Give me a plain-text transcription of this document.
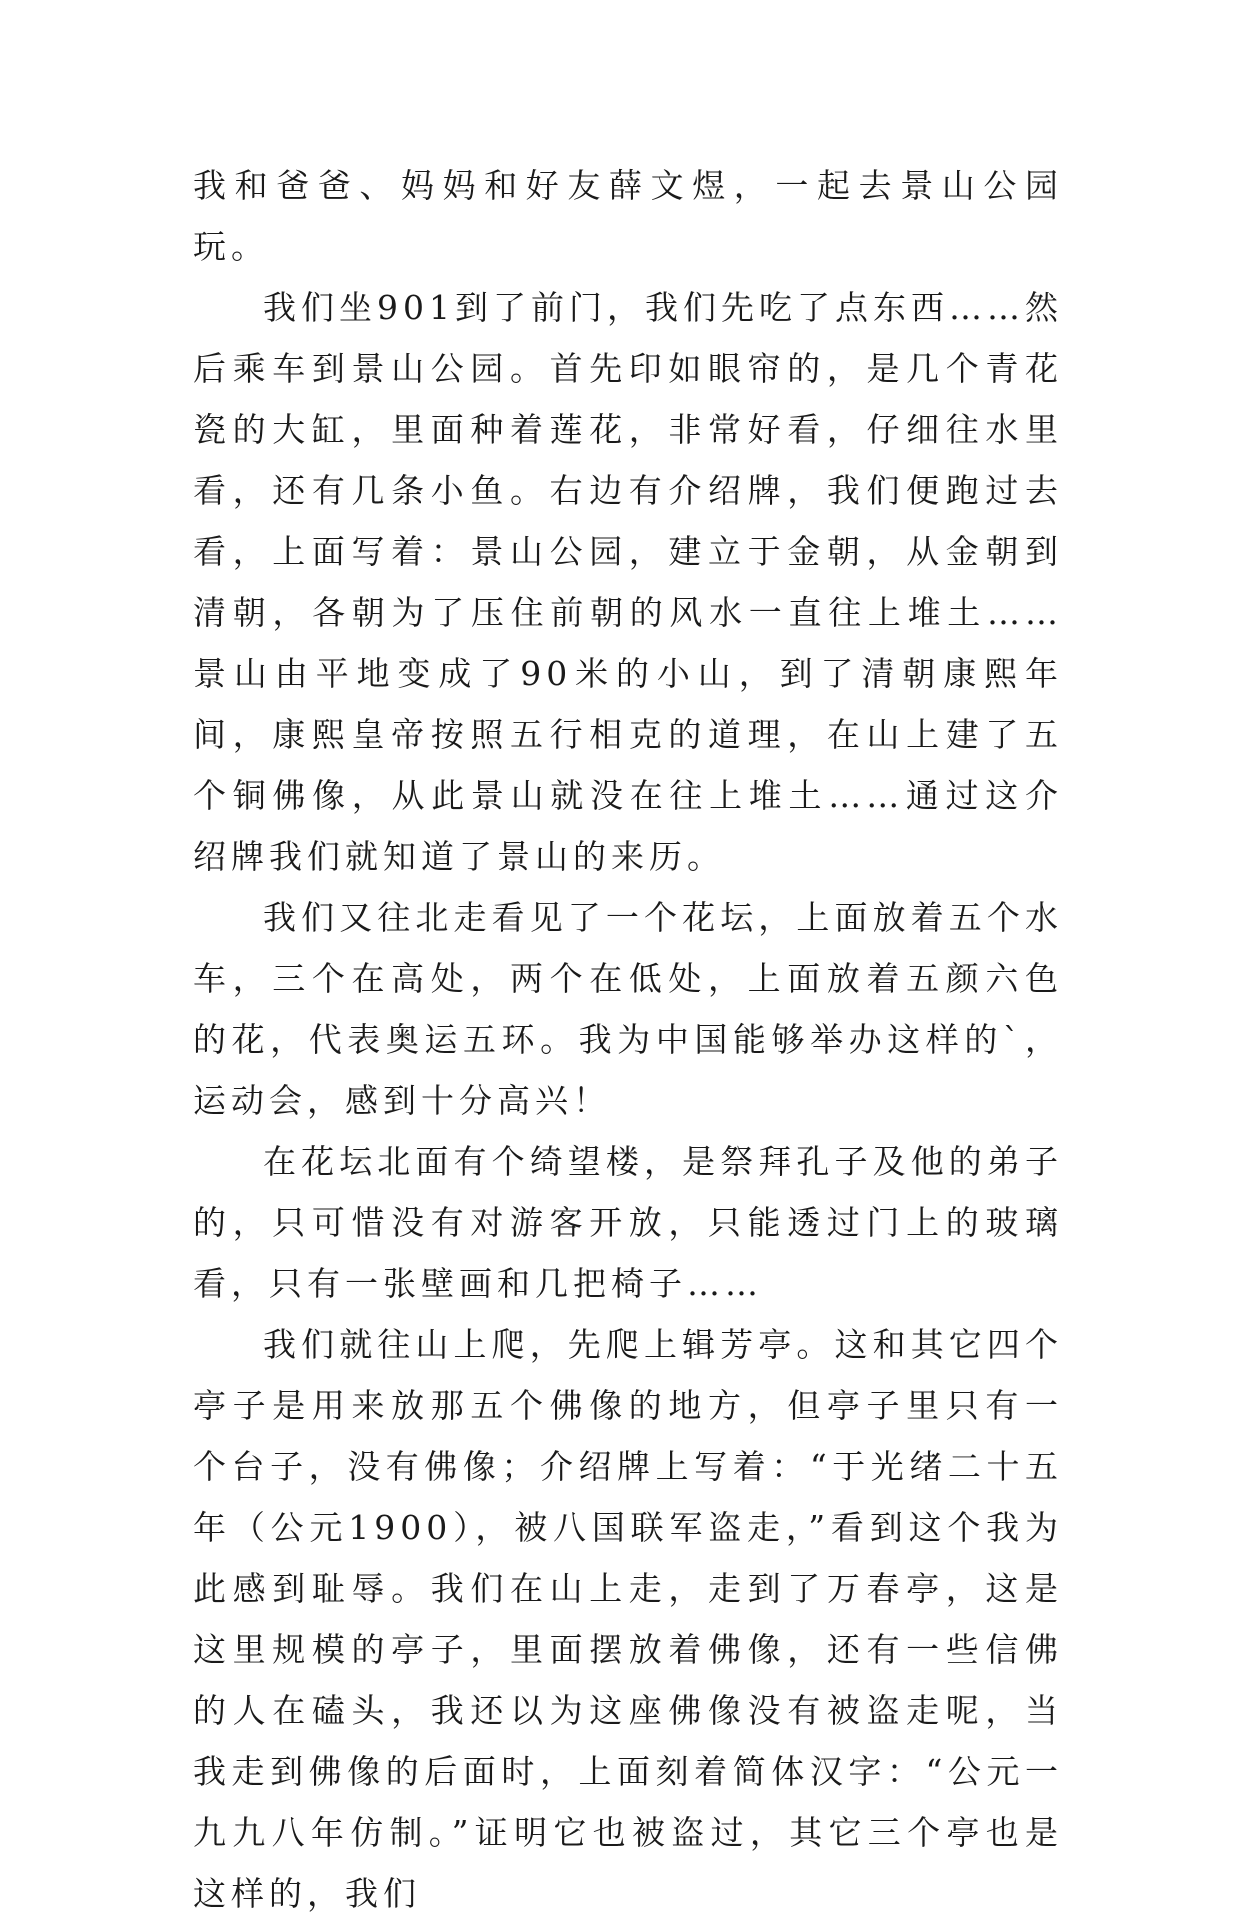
我和爸爸、妈妈和好友薛文煜，一起去景山公园玩。

我们坐901到了前门，我们先吃了点东西……然后乘车到景山公园。首先印如眼帘的，是几个青花瓷的大缸，里面种着莲花，非常好看，仔细往水里看，还有几条小鱼。右边有介绍牌，我们便跑过去看，上面写着：景山公园，建立于金朝，从金朝到清朝，各朝为了压住前朝的风水一直往上堆土……景山由平地变成了90米的小山，到了清朝康熙年间，康熙皇帝按照五行相克的道理，在山上建了五个铜佛像，从此景山就没在往上堆土……通过这介绍牌我们就知道了景山的来历。

我们又往北走看见了一个花坛，上面放着五个水车，三个在高处，两个在低处，上面放着五颜六色的花，代表奥运五环。我为中国能够举办这样的`，运动会，感到十分高兴！

在花坛北面有个绮望楼，是祭拜孔子及他的弟子的，只可惜没有对游客开放，只能透过门上的玻璃看，只有一张壁画和几把椅子……

我们就往山上爬，先爬上辑芳亭。这和其它四个亭子是用来放那五个佛像的地方，但亭子里只有一个台子，没有佛像；介绍牌上写着：“于光绪二十五年（公元1900），被八国联军盗走，”看到这个我为此感到耻辱。我们在山上走，走到了万春亭，这是这里规模的亭子，里面摆放着佛像，还有一些信佛的人在磕头，我还以为这座佛像没有被盗走呢，当我走到佛像的后面时，上面刻着简体汉字：“公元一九九八年仿制。”证明它也被盗过，其它三个亭也是这样的，我们
